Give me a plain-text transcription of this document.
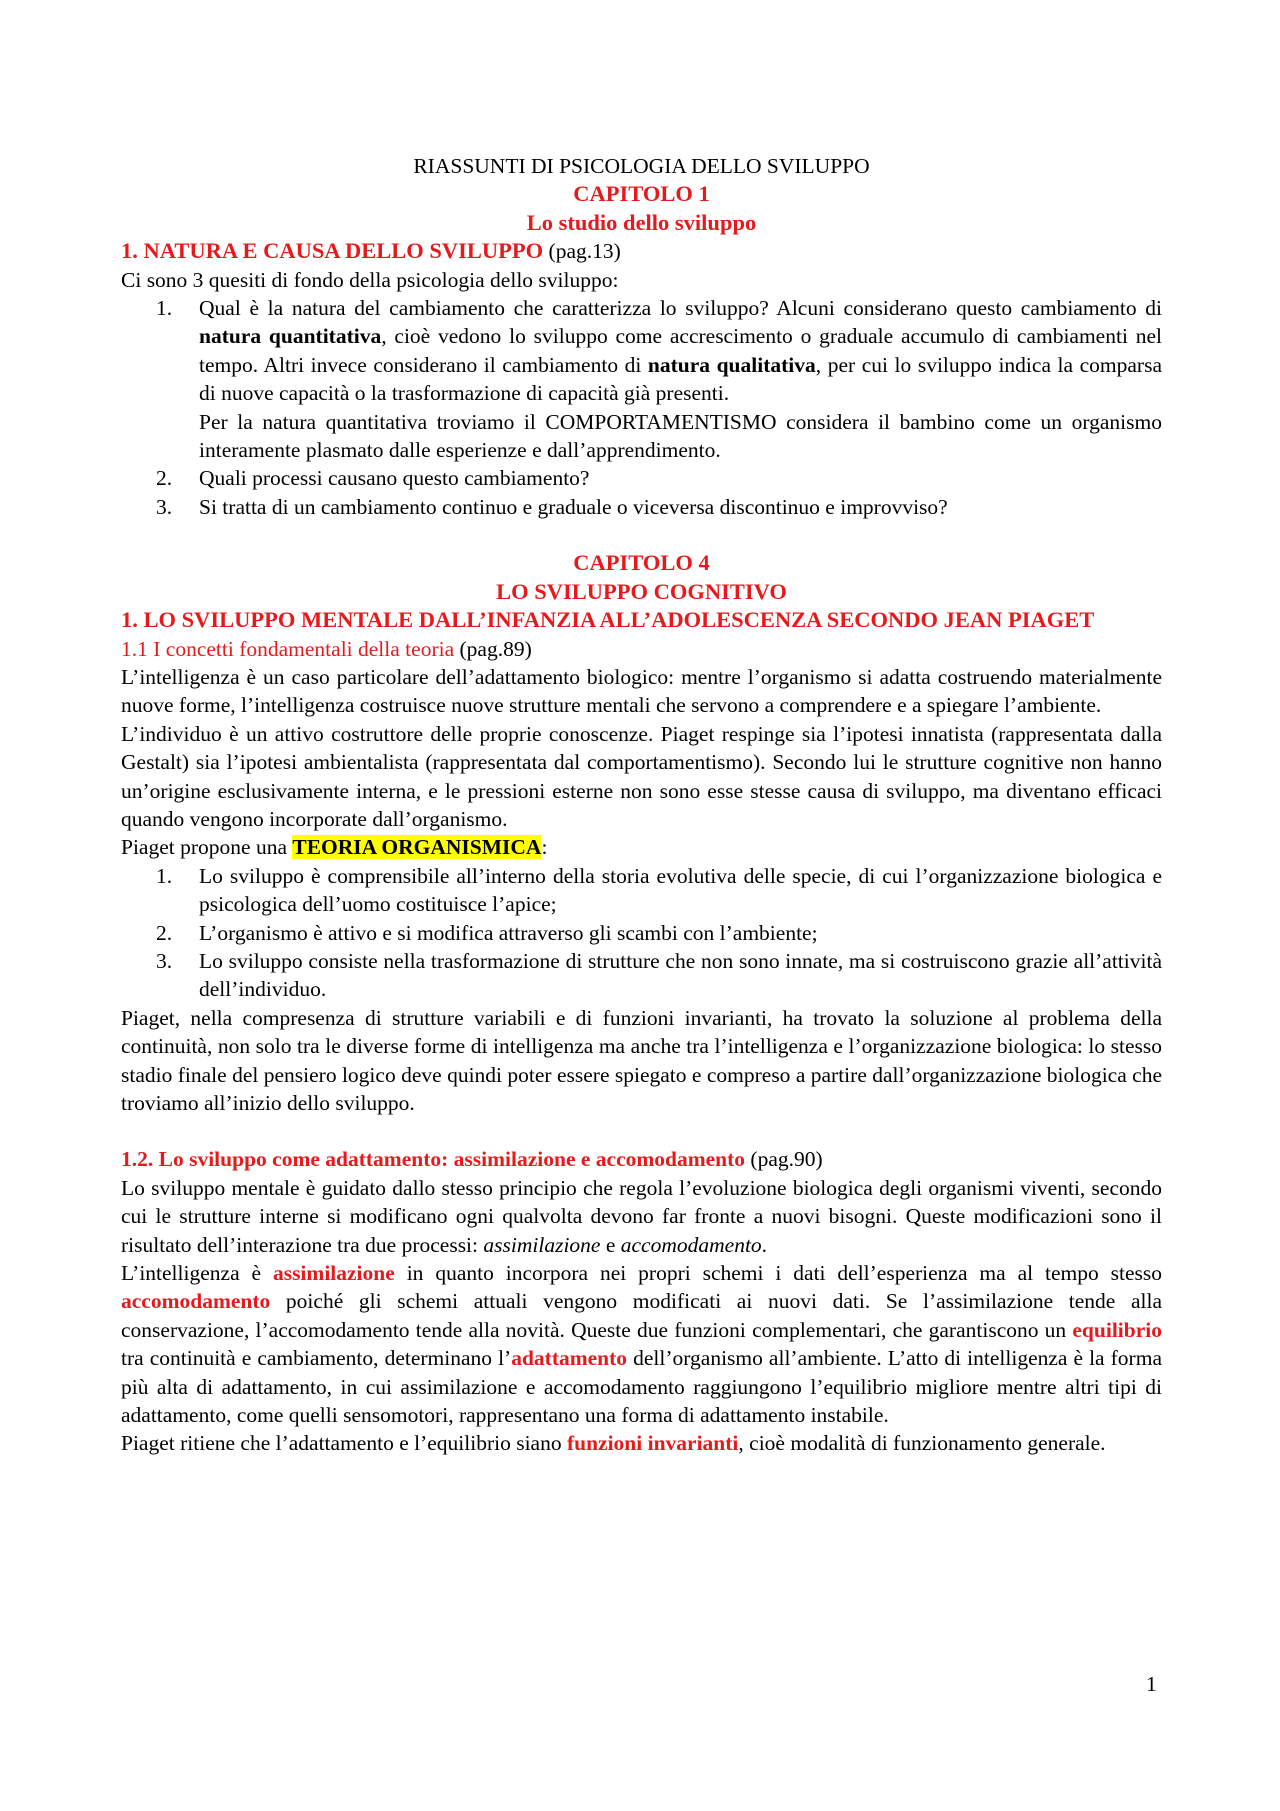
RIASSUNTI DI PSICOLOGIA DELLO SVILUPPO
CAPITOLO 1
Lo studio dello sviluppo
1. NATURA E CAUSA DELLO SVILUPPO (pag.13)
Ci sono 3 quesiti di fondo della psicologia dello sviluppo:
1. Qual è la natura del cambiamento che caratterizza lo sviluppo? Alcuni considerano questo cambiamento di natura quantitativa, cioè vedono lo sviluppo come accrescimento o graduale accumulo di cambiamenti nel tempo. Altri invece considerano il cambiamento di natura qualitativa, per cui lo sviluppo indica la comparsa di nuove capacità o la trasformazione di capacità già presenti.
Per la natura quantitativa troviamo il COMPORTAMENTISMO considera il bambino come un organismo interamente plasmato dalle esperienze e dall’apprendimento.
2. Quali processi causano questo cambiamento?
3. Si tratta di un cambiamento continuo e graduale o viceversa discontinuo e improvviso?
CAPITOLO 4
LO SVILUPPO COGNITIVO
1. LO SVILUPPO MENTALE DALL’INFANZIA ALL’ADOLESCENZA SECONDO JEAN PIAGET
1.1 I concetti fondamentali della teoria (pag.89)
L’intelligenza è un caso particolare dell’adattamento biologico: mentre l’organismo si adatta costruendo materialmente nuove forme, l’intelligenza costruisce nuove strutture mentali che servono a comprendere e a spiegare l’ambiente.
L’individuo è un attivo costruttore delle proprie conoscenze. Piaget respinge sia l’ipotesi innatista (rappresentata dalla Gestalt) sia l’ipotesi ambientalista (rappresentata dal comportamentismo). Secondo lui le strutture cognitive non hanno un’origine esclusivamente interna, e le pressioni esterne non sono esse stesse causa di sviluppo, ma diventano efficaci quando vengono incorporate dall’organismo.
Piaget propone una TEORIA ORGANISMICA:
1. Lo sviluppo è comprensibile all’interno della storia evolutiva delle specie, di cui l’organizzazione biologica e psicologica dell’uomo costituisce l’apice;
2. L’organismo è attivo e si modifica attraverso gli scambi con l’ambiente;
3. Lo sviluppo consiste nella trasformazione di strutture che non sono innate, ma si costruiscono grazie all’attività dell’individuo.
Piaget, nella compresenza di strutture variabili e di funzioni invarianti, ha trovato la soluzione al problema della continuità, non solo tra le diverse forme di intelligenza ma anche tra l’intelligenza e l’organizzazione biologica: lo stesso stadio finale del pensiero logico deve quindi poter essere spiegato e compreso a partire dall’organizzazione biologica che troviamo all’inizio dello sviluppo.
1.2. Lo sviluppo come adattamento: assimilazione e accomodamento (pag.90)
Lo sviluppo mentale è guidato dallo stesso principio che regola l’evoluzione biologica degli organismi viventi, secondo cui le strutture interne si modificano ogni qualvolta devono far fronte a nuovi bisogni. Queste modificazioni sono il risultato dell’interazione tra due processi: assimilazione e accomodamento.
L’intelligenza è assimilazione in quanto incorpora nei propri schemi i dati dell’esperienza ma al tempo stesso accomodamento poiché gli schemi attuali vengono modificati ai nuovi dati. Se l’assimilazione tende alla conservazione, l’accomodamento tende alla novità. Queste due funzioni complementari, che garantiscono un equilibrio tra continuità e cambiamento, determinano l’adattamento dell’organismo all’ambiente. L’atto di intelligenza è la forma più alta di adattamento, in cui assimilazione e accomodamento raggiungono l’equilibrio migliore mentre altri tipi di adattamento, come quelli sensomotori, rappresentano una forma di adattamento instabile.
Piaget ritiene che l’adattamento e l’equilibrio siano funzioni invarianti, cioè modalità di funzionamento generale.
1
